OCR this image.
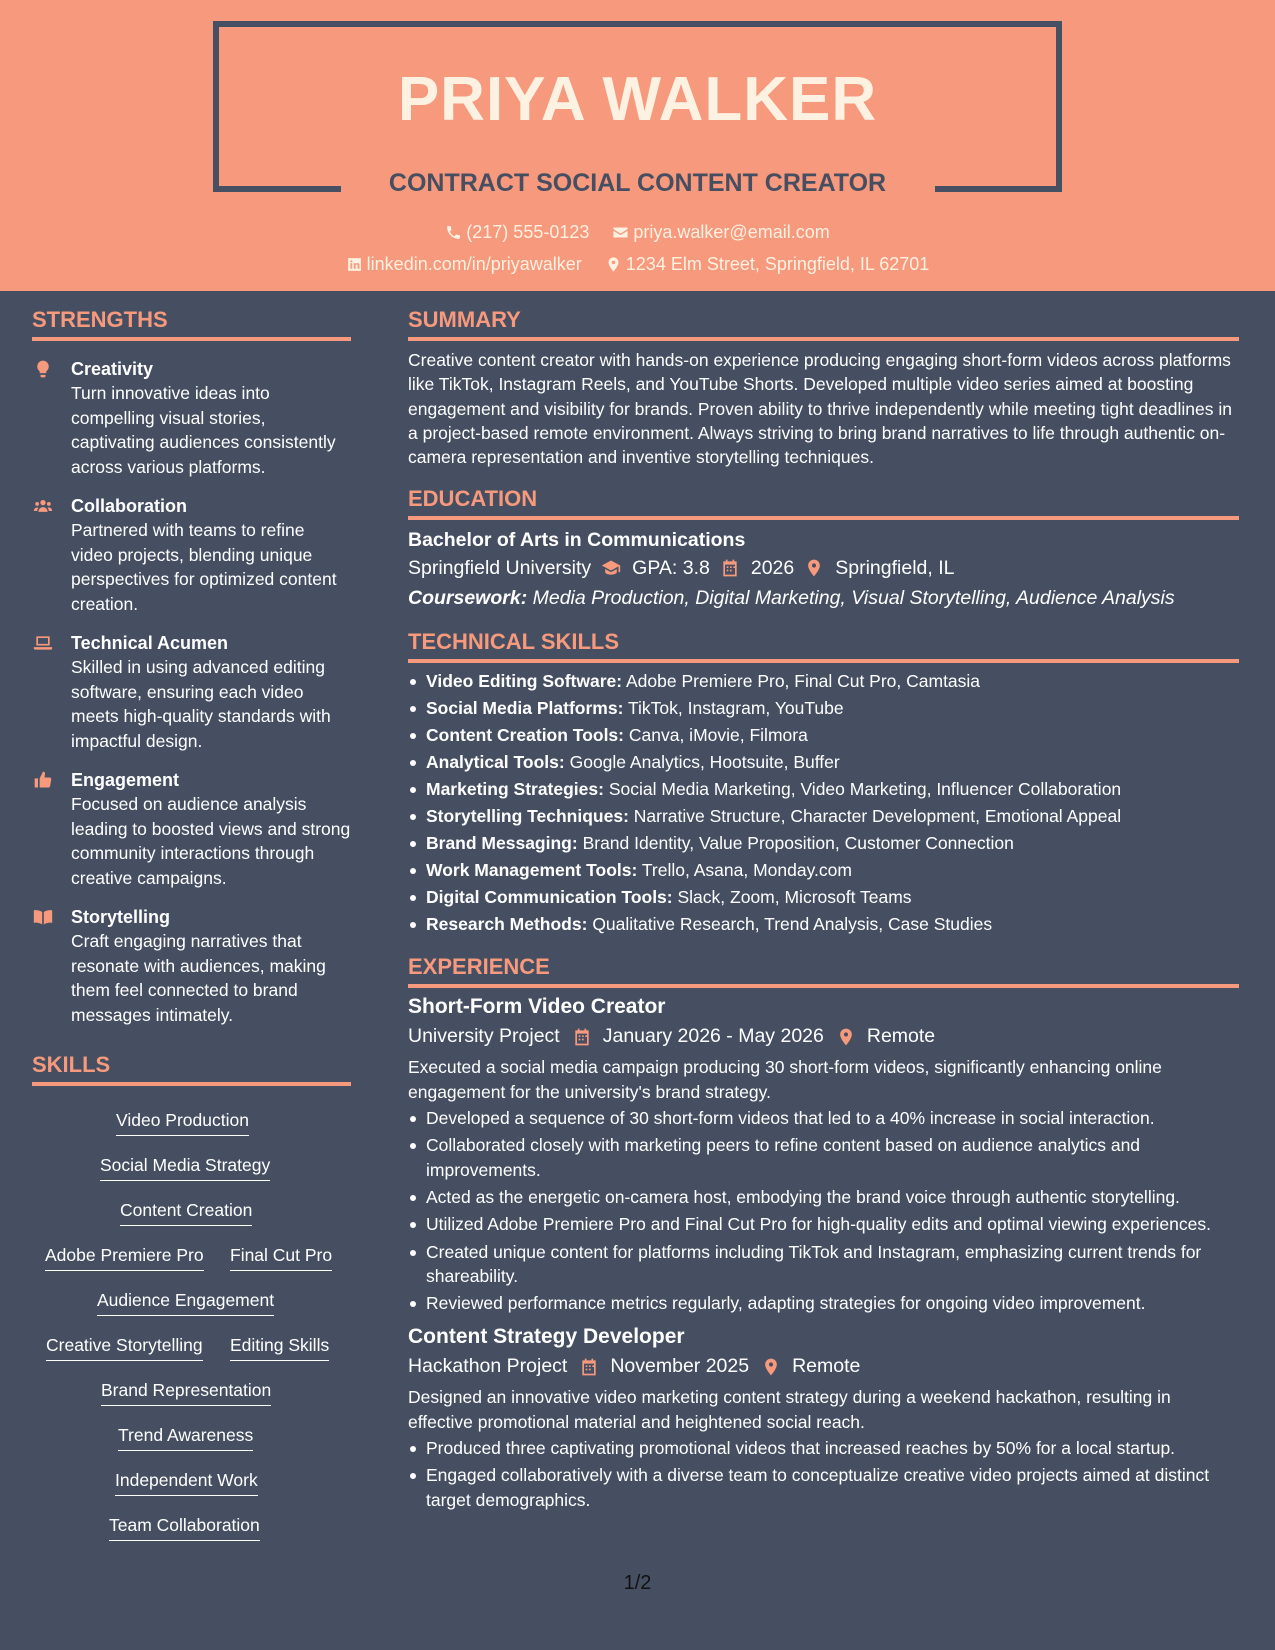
PRIYA WALKER
CONTRACT SOCIAL CONTENT CREATOR
(217) 555-0123
priya.walker@email.com
linkedin.com/in/priyawalker
1234 Elm Street, Springfield, IL 62701
STRENGTHS
Creativity
Turn innovative ideas into compelling visual stories, captivating audiences consistently across various platforms.
Collaboration
Partnered with teams to refine video projects, blending unique perspectives for optimized content creation.
Technical Acumen
Skilled in using advanced editing software, ensuring each video meets high-quality standards with impactful design.
Engagement
Focused on audience analysis leading to boosted views and strong community interactions through creative campaigns.
Storytelling
Craft engaging narratives that resonate with audiences, making them feel connected to brand messages intimately.
SKILLS
Video Production
Social Media Strategy
Content Creation
Adobe Premiere Pro Final Cut Pro
Audience Engagement
Creative Storytelling Editing Skills
Brand Representation
Trend Awareness
Independent Work
Team Collaboration
SUMMARY
Creative content creator with hands-on experience producing engaging short-form videos across platforms like TikTok, Instagram Reels, and YouTube Shorts. Developed multiple video series aimed at boosting engagement and visibility for brands. Proven ability to thrive independently while meeting tight deadlines in a project-based remote environment. Always striving to bring brand narratives to life through authentic on-camera representation and inventive storytelling techniques.
EDUCATION
Bachelor of Arts in Communications
Springfield University GPA: 3.8 2026 Springfield, IL
Coursework: Media Production, Digital Marketing, Visual Storytelling, Audience Analysis
TECHNICAL SKILLS
Video Editing Software: Adobe Premiere Pro, Final Cut Pro, Camtasia
Social Media Platforms: TikTok, Instagram, YouTube
Content Creation Tools: Canva, iMovie, Filmora
Analytical Tools: Google Analytics, Hootsuite, Buffer
Marketing Strategies: Social Media Marketing, Video Marketing, Influencer Collaboration
Storytelling Techniques: Narrative Structure, Character Development, Emotional Appeal
Brand Messaging: Brand Identity, Value Proposition, Customer Connection
Work Management Tools: Trello, Asana, Monday.com
Digital Communication Tools: Slack, Zoom, Microsoft Teams
Research Methods: Qualitative Research, Trend Analysis, Case Studies
EXPERIENCE
Short-Form Video Creator
University Project January 2026 - May 2026 Remote
Executed a social media campaign producing 30 short-form videos, significantly enhancing online engagement for the university's brand strategy.
Developed a sequence of 30 short-form videos that led to a 40% increase in social interaction.
Collaborated closely with marketing peers to refine content based on audience analytics and improvements.
Acted as the energetic on-camera host, embodying the brand voice through authentic storytelling.
Utilized Adobe Premiere Pro and Final Cut Pro for high-quality edits and optimal viewing experiences.
Created unique content for platforms including TikTok and Instagram, emphasizing current trends for shareability.
Reviewed performance metrics regularly, adapting strategies for ongoing video improvement.
Content Strategy Developer
Hackathon Project November 2025 Remote
Designed an innovative video marketing content strategy during a weekend hackathon, resulting in effective promotional material and heightened social reach.
Produced three captivating promotional videos that increased reaches by 50% for a local startup.
Engaged collaboratively with a diverse team to conceptualize creative video projects aimed at distinct target demographics.
1/2
